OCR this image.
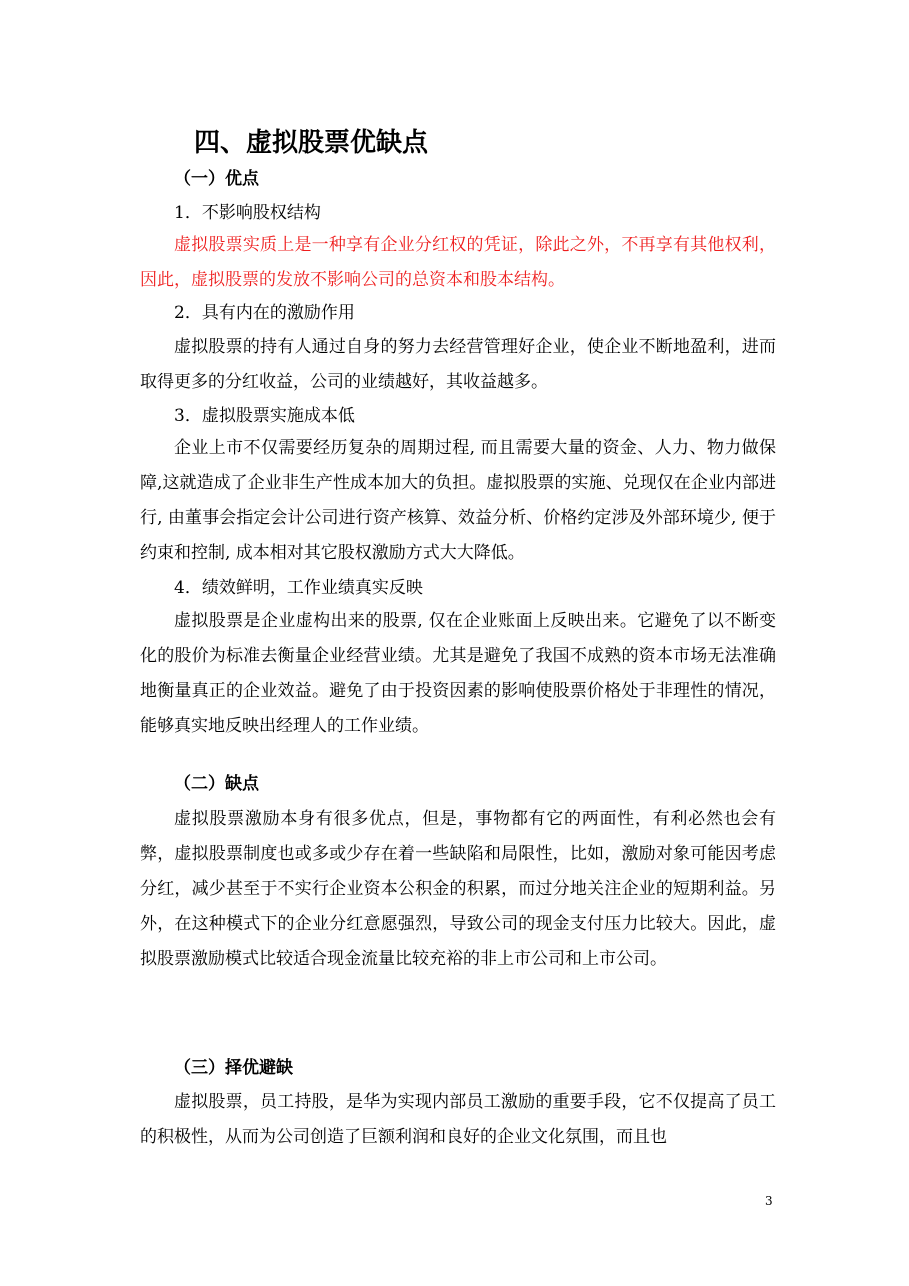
四、虚拟股票优缺点
（一）优点
1．不影响股权结构
虚拟股票实质上是一种享有企业分红权的凭证，除此之外，不再享有其他权利，因此，虚拟股票的发放不影响公司的总资本和股本结构。
2．具有内在的激励作用
虚拟股票的持有人通过自身的努力去经营管理好企业，使企业不断地盈利，进而取得更多的分红收益，公司的业绩越好，其收益越多。
3．虚拟股票实施成本低
企业上市不仅需要经历复杂的周期过程, 而且需要大量的资金、人力、物力做保障,这就造成了企业非生产性成本加大的负担。虚拟股票的实施、兑现仅在企业内部进行, 由董事会指定会计公司进行资产核算、效益分析、价格约定涉及外部环境少, 便于约束和控制, 成本相对其它股权激励方式大大降低。
4．绩效鲜明，工作业绩真实反映
虚拟股票是企业虚构出来的股票, 仅在企业账面上反映出来。它避免了以不断变化的股价为标准去衡量企业经营业绩。尤其是避免了我国不成熟的资本市场无法准确地衡量真正的企业效益。避免了由于投资因素的影响使股票价格处于非理性的情况，能够真实地反映出经理人的工作业绩。
（二）缺点
虚拟股票激励本身有很多优点，但是，事物都有它的两面性，有利必然也会有弊，虚拟股票制度也或多或少存在着一些缺陷和局限性，比如，激励对象可能因考虑分红，减少甚至于不实行企业资本公积金的积累，而过分地关注企业的短期利益。另外，在这种模式下的企业分红意愿强烈，导致公司的现金支付压力比较大。因此，虚拟股票激励模式比较适合现金流量比较充裕的非上市公司和上市公司。
（三）择优避缺
虚拟股票，员工持股，是华为实现内部员工激励的重要手段，它不仅提高了员工的积极性，从而为公司创造了巨额利润和良好的企业文化氛围，而且也
3
